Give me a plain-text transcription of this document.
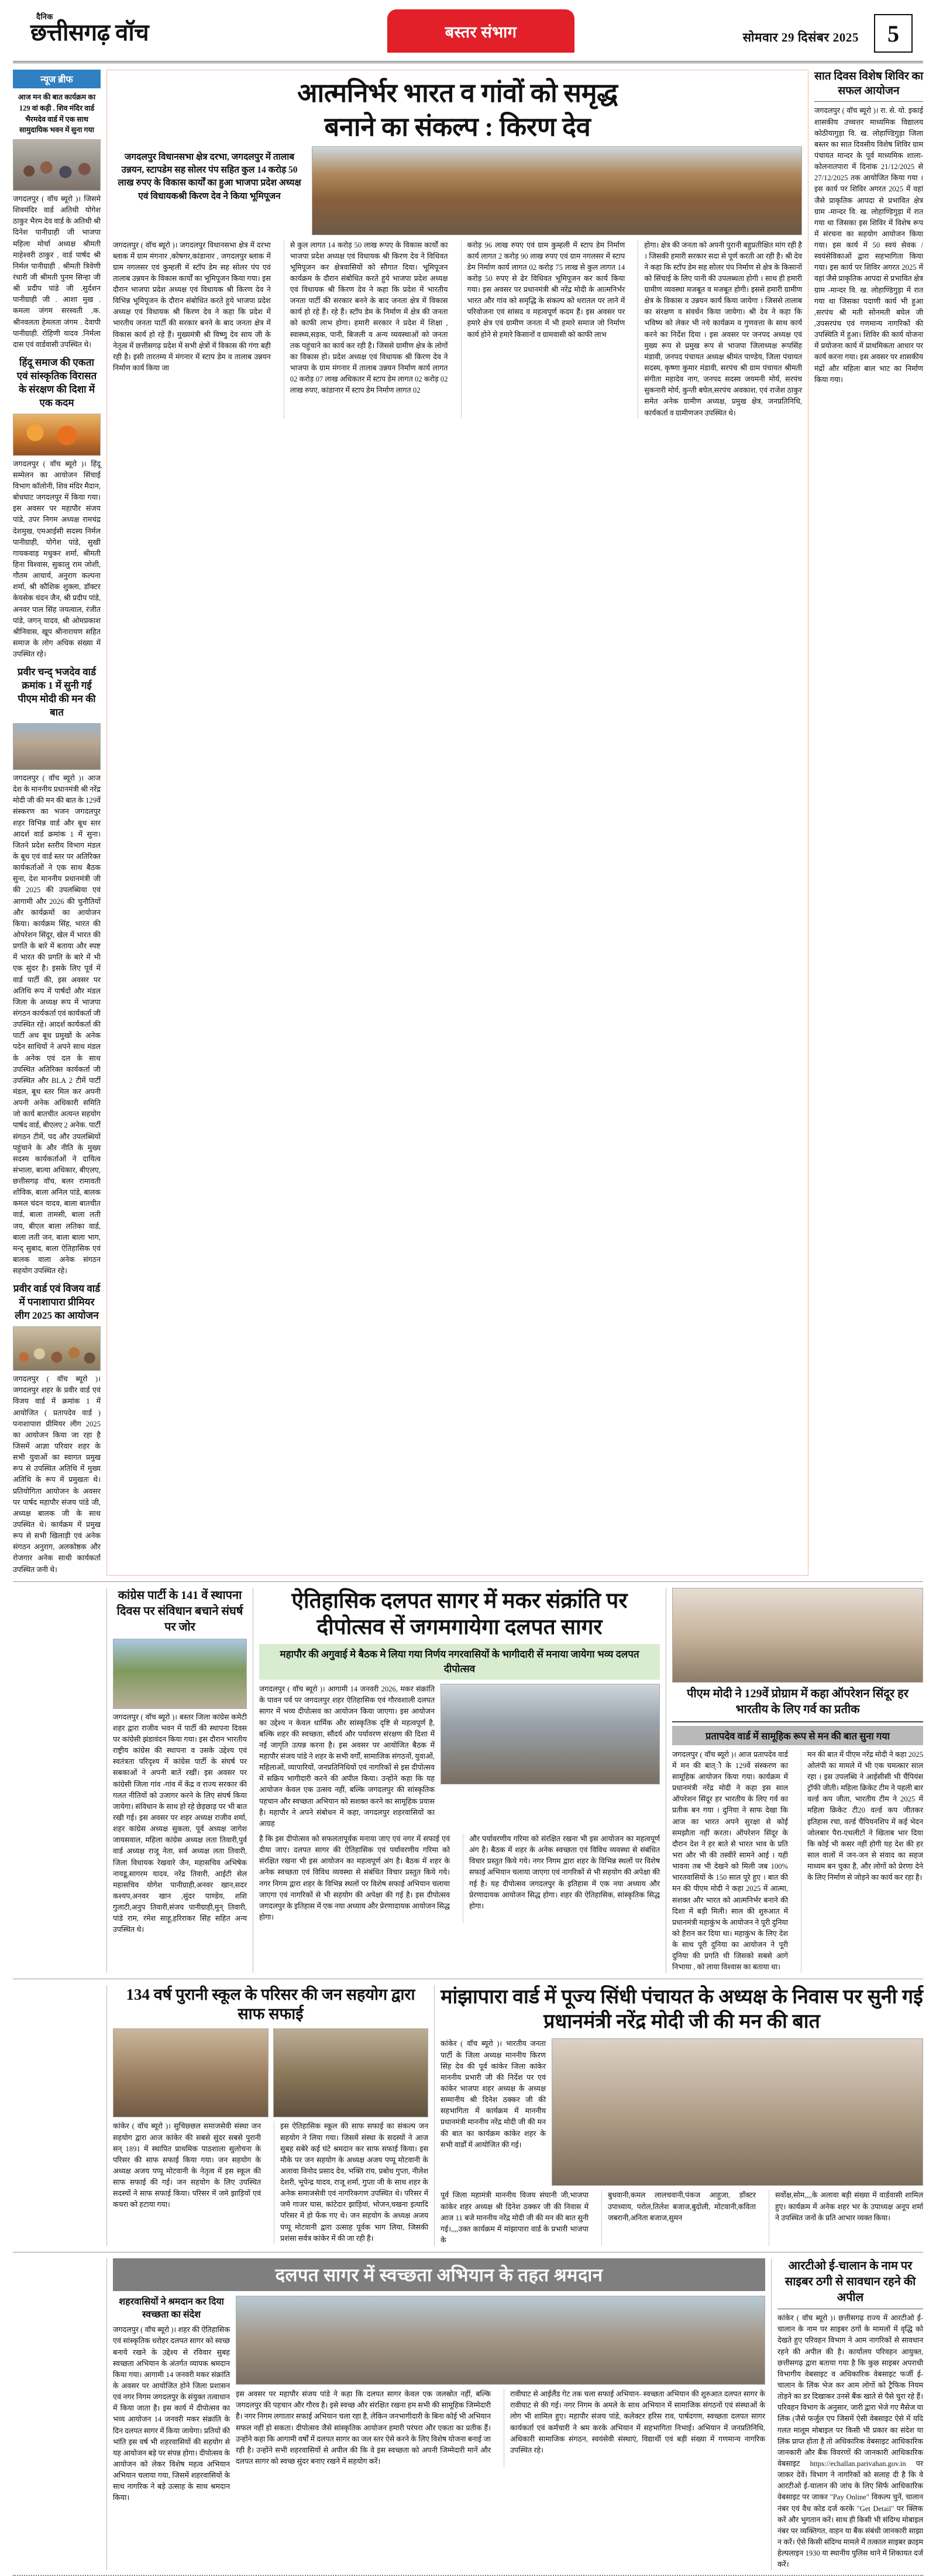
दैनिक
छत्तीसगढ़ वॉच	बस्तर संभाग	सोमवार 29 दिसंबर 2025	5
न्यूज ब्रीफ
आज मन की बात कार्यक्रम का 129 वां कड़ी . शिव मंदिर वार्ड भैरमदेव वार्ड में एक साथ सामुदायिक भवन में सुना गया
जगदलपुर ( वॉच ब्यूरो )। जिसमे शिवमंदिर वार्ड अतिथी योगेश ठाकुर भैरम देव वार्ड के अतिथी श्री दिनेश पानीग्राही जी भाजपा महिला मोर्चा अध्यक्ष श्रीमती माहेश्वरी ठाकुर , वार्ड पार्षद श्री निर्मल पानीग्राही . श्रीमती त्रिवेणी रंधारी जी श्रीमती पुनम सिन्हा जी श्री प्रदीप पांडे जी .सुर्दशन पानीग्राही जी . आशा मुख . कमला जंगम सरस्वती ,क. श्रीनवलता हेमलता जंगम . देवापी पानीग्राही. रोहिणी यादव .निर्मला दास एवं वार्डवासी उपस्थित थे।
हिंदू समाज की एकता एवं सांस्कृतिक विरासत के संरक्षण की दिशा में एक कदम
जगदलपुर ( वॉच ब्यूरो )। हिंदू सम्मेलन का आयोजन सिंचाई विभाग कॉलोनी, शिव मंदिर मैदान, बोधघाट जगदलपुर में किया गया। इस अवसर पर महापौर संजय पांडे, उपर निगम अध्यक्ष रामचंद्र देशमुख, एमआईसी सदस्य निर्मल पानीग्राही, योगेश पांडे, सुखी गायकवाड़ मधुकर शर्मा, श्रीमती हिना विश्वास, सुकालु राम जोशी, गौतम आचार्य, अनुराग कल्पना शर्मा, श्री कौशिक शुक्ला, डॉक्टर केयसेक चंदन जैन, श्री प्रदीप पांडे, अनवर पाल सिंह जयत्वाल, रंजीत पांडे, जगन् यादव, श्री ओमप्रकाश श्रीनिवास, खूप श्रीनारायण सहित समाज के लोग अधिक संख्या में उपस्थित रहे।
प्रवीर चन्द् भजदेव वार्ड क्रमांक 1 में सुनी गई पीएम मोदी की मन की बात
जगदलपुर ( वॉच ब्यूरो )। आज देश के माननीय प्रधानमंत्री श्री नरेंद्र मोदी जी की मन की बात के 129वें संस्करण का भजन जगदलपुर शहर विभिन्न वार्ड और बूथ स्तर आदर्श वार्ड क्रमांक 1 में सुना। जितने प्रदेश स्तरीय विभाग मंडल के बूथ एवं वार्ड स्तर पर अतिरिक्त कार्यकर्ताओं ने एक साथ बैठक सुना, देश माननीय प्रधानमंत्री जी की 2025 की उपलब्धिया एवं आगामी और 2026 की चुनौतियों और कार्यक्रमों का आयोजन किया। कार्यक्रम सिंह, भारत की ओपरेशन सिंदूर, खेल में भारत की प्रगति के बारे में बताया और स्पष्ट में भारत की प्रगति के बारे में भी एक सुंदर है। इसके लिए पूर्व में वार्ड पार्टी की, इस अवसर पर अतिथि रूप में पार्षदों और मंडल जिला के अध्यक्ष रूप में भाजपा संगठन कार्यकर्ता एवं कार्यकर्ता जी उपस्थित रहे। आदर्श कार्यकर्ता की पार्टी अथ बूथ प्रमुखों के अनेक पदेन साथियों ने अपने साथ मंडल के अनेक एवं दल के साथ उपस्थित अतिरिक्त कार्यकर्ता जी उपस्थित और BLA 2 टीमें पार्टी मंडल, बूथ स्तर मिल कर अपनी अपनी अनेक अधिकारी समिति जो कार्य बातचीत अत्यन्त सहयोग पार्षद वार्ड, बीएलए 2 अनेक. पार्टी संगठन टीमें, पद और उपलब्धियों पहुंचाने के और नीति के मुख्य सदस्य कार्यकर्ताओं ने दायित्व संभाला, बात्या अधिकार, बीएलए, छत्तीसगढ़ वॉच, बलर रामावती शोविक, बाला अनिल पांडे, बालक कमल चंदन यादव, बाला बातचीत वार्ड, बाला तामसी, बाला लती जय, बीएल बाला लतिका वार्ड, बाला लती जन, बाला बाला भाग, मन्द् सुबाद, बाला ऐतिहासिक एवं बालक वाला अनेक संगठन सहयोग उपस्थित रहे।
प्रवीर वार्ड एवं विजय वार्ड में पनाशापारा प्रीमियर लीग 2025 का आयोजन
जगदलपुर ( वॉच ब्यूरो )। जगदलपुर शहर के प्रवीर वार्ड एवं विजय वार्ड में क्रमांक 1 में आयोजित ( प्रतापदेव वार्ड ) पनाशापारा प्रीमियर लीग 2025 का आयोजन किया जा रहा है जिसमें आज्ञा परिवार शहर के सभी युवाओं का स्वागत प्रमुख रूप से उपस्थित अतिथि में मुख्य अतिथि के रूप में प्रमुखतः थे। प्रतियोगिता आयोजन के अवसर पर पार्षद महापौर संजय पांडे जी, अध्यक्ष बालक जी के साथ उपस्थित थे। कार्यक्रम में प्रमुख रूप से सभी खिलाड़ी एवं अनेक संगठन अनुराग, अलकोष्ठक और रोजगार अनेक साथी कार्यकर्ता उपस्थित जनी थे।
आत्मनिर्भर भारत व गांवों को समृद्ध
बनाने का संकल्प : किरण देव
जगदलपुर विधानसभा क्षेत्र दरभा, जगदलपुर में तालाब उन्नयन, स्टापडेम सह सोलर पंप सहित कुल 14 करोड़ 50 लाख रुपए के विकास कार्यों का हुआ भाजपा प्रदेश अध्यक्ष एवं विधायकश्री किरण देव ने किया भूमिपूजन
जगदलपुर ( वॉच ब्यूरो )। जगदलपुर विधानसभा क्षेत्र में दरभा ब्लाक में ग्राम मंगनार ,कोषगर,कांडानार , जगदलपुर ब्लाक में ग्राम नगलसर एवं कुम्हली में स्टॉप डेम सह सोलर पंप एवं तालाब उन्नयन के विकास कार्यों का भूमिपूजन किया गया। इस दौरान भाजपा प्रदेश अध्यक्ष एवं विधायक श्री किरण देव ने विभिन्न भूमिपूजन के दौरान संबोधित करते हुये भाजपा प्रदेश अध्यक्ष एवं विधायक श्री किरण देव ने कहा कि प्रदेश में भारतीय जनता पार्टी की सरकार बनने के बाद जनता क्षेत्र में विकास कार्य हो रहे हैं। मुख्यमंत्री श्री विष्णु देव साय जी के नेतृत्व में छत्तीसगढ़ प्रदेश में सभी क्षेत्रों में विकास की गंगा बही रही है। इसी तारतम्य में मंगनार में स्टाप डेम व तालाब उन्नयन निर्माण कार्य किया जा
से कुल लागत 14 करोड़ 50 लाख रूपए के विकास कार्यों का भाजपा प्रदेश अध्यक्ष एवं विधायक श्री किरण देव ने विधिवत भूमिपूजन कर क्षेत्रवासियों को सौगात दिया। भूमिपूजन कार्यक्रम के दौरान संबोधित करते हुये भाजपा प्रदेश अध्यक्ष एवं विधायक श्री किरण देव ने कहा कि प्रदेश में भारतीय जनता पार्टी की सरकार बनने के बाद जनता क्षेत्र में विकास कार्य हो रहे हैं। रहे हैं। स्टॉप डेम के निर्माण में क्षेत्र की जनता को काफी लाभ होगा। हमारी सरकार ने प्रदेश में शिक्षा , स्वास्थ्य,सड़क, पानी, बिजली व अन्य व्यवस्थाओं को जनता तक पहुंचाने का कार्य कर रही है। जिससे ग्रामीण क्षेत्र के लोगों का विकास हो। प्रदेश अध्यक्ष एवं विधायक श्री किरण देव ने भाजपा के ग्राम मंगनार में तालाब उन्नयन निर्माण कार्य लागत 02 करोड़ 07 लाख अधिकतर में स्टाप डेम लागत 02 करोड़ 02 लाख रुपए, कांडानार में स्टाप डेम निर्माण लागत 02
करोड़ 96 लाख रुपए एवं ग्राम कुम्हली में स्टाप डेम निर्माण कार्य लागत 2 करोड़ 90 लाख रुपए एवं ग्राम नगलसर में स्टाप डेम निर्माण कार्य लागत 02 करोड़ 75 लाख से कुल लागत 14 करोड़ 50 रुपए से ढेर विधिवत भूमिपूजन कर कार्य किया गया। इस अवसर पर प्रधानमंत्री श्री नरेंद्र मोदी के आत्मनिर्भर भारत और गांव को समृद्धि के संकल्प को धरातल पर लाने में परिवोजना एवं सांसद व महत्वपूर्ण कदम हैं। इस अवसर पर हमारे क्षेत्र एवं ग्रामीण जनता में भी हमारे समाज जो निर्माण कार्य होने से हमारे किसानों व ग्रामवासी को काफी लाभ
होगा। क्षेत्र की जनता को अपनी पुरानी बहुप्रतीक्षित मांग रही है । जिसकी हमारी सरकार सदा से पूर्ण करती आ रही है। श्री देव ने कहा कि स्टॉप डेम सह सोलर पंप निर्माण से क्षेत्र के किसानों को सिंचाई के लिए पानी की उपलब्धता होगी । साथ ही हमारी ग्रामीण व्यवस्था मजबूत व मजबूत होगी। इससे हमारी ग्रामीण क्षेत्र के विकास व उन्नयन कार्य किया जायेगा । जिससे तालाब का संरक्षण व संवर्धन किया जायेगा। श्री देव ने कहा कि भविष्य को लेकर भी नये कार्यक्रम व गुणवत्ता के साथ कार्य करने का निर्देश दिया । इस अवसर पर जनपद अध्यक्ष एवं मुख्य रूप से प्रमुख रूप से भाजपा जिलाध्यक्ष रूपसिंह मंडावी, जनपद पंचायत अध्यक्ष श्रीमंत पाण्डेय, जिला पंचायत सदस्य, कृष्णा कुमार मंडावी, सरपंच श्री ग्राम पंचायत श्रीमती संगीता महादेव नाग, जनपद सदस्य जयमनी मोर्य, सरपंच सुकनारी मोर्य, कुन्ती बघेल,सरपंच अवकाश, एवं राजेश ठाकुर समेत अनेक ग्रामीण अध्यक्ष, प्रमुख क्षेत्र, जनप्रतिनिधि, कार्यकर्ता व ग्रामीणजन उपस्थित थे।
सात दिवस विशेष शिविर का सफल आयोजन
जगदलपुर ( वॉच ब्यूरो )। रा. से. यो. इकाई शासकीय उच्चत्तर माध्यमिक विद्यालय कोठीयागुड़ा वि. ख. लोहाण्डिगुड़ा जिला बस्तर का सात दिवसीय विशेष शिविर ग्राम पंचायत मान्दर के पूर्व माध्यमिक शाला-कोलनातपारा में दिनांक 21/12/2025 से 27/12/2025 तक आयोजित किया गया । इस कार्य पर शिविर अगरत 2025 में वहां जैसे प्राकृतिक आपदा से प्रभावित क्षेत्र ग्राम -मान्दर वि. ख. लोहाण्डिगुड़ा में रात गया था जिसका इस शिविर में विशेष रूप में संरचना का सहयोग आयोजन किया गया। इस कार्य में 50 स्वयं सेवक /स्वयंसेविकाओं द्वारा सहभागिता किया गया। इस कार्य पर शिविर अगरत 2025 में वहां जैसे प्राकृतिक आपदा से प्रभावित क्षेत्र ग्राम -मान्दर वि. ख. लोहाण्डिगुड़ा में रात गया था जिसका पदाणी कार्य भी हुआ ,सरपंच श्री मती सोनमती बघेल जी ,उपसरपंच एवं गणमान्य नागरिकों की उपस्थिति में हुआ। शिविर की कार्य योजना में प्रयोजना कार्य में प्राथमिकता आधार पर कार्य करना गया। इस अवसर पर शासकीय मंद्रों और महिला बाल भाट का निर्माण किया गया।
कांग्रेस पार्टी के 141 वें स्थापना दिवस पर संविधान बचाने संघर्ष पर जोर
जगदलपुर ( वॉच ब्यूरो )। बस्तर जिला कांग्रेस कमेटी शहर द्वारा राजीव भवन में पार्टी की स्थापना दिवस पर कांग्रेसी झंडावंदन किया गया। इस दौरान भारतीय राष्ट्रीय कांग्रेस की स्थापना व उसके उद्देश्य एवं स्वतंत्रता परिदृश्य में कांग्रेस पार्टी के संघर्ष पर सबकाओं ने अपनी बातें रखीं। इस अवसर पर कांग्रेसी जिला गांव -गांव में केंद्र व राज्य सरकार की गलत नीतियों को उजागर करने के लिए संघर्ष किया जायेगा। संविधान के साथ हो रहे छेड़छाड़ पर भी बात रखी गई। इस अवसर पर शहर अध्यक्ष राजीव शर्मा, शहर कांग्रेस अध्यक्ष सुकला, पूर्व अध्यक्ष जागेश जायसवाल, महिला कांग्रेस अध्यक्ष लता तिवारी,पुर्व वार्ड अध्यक्ष राजू नेता, सर्व अध्यक्ष लता तिवारी, जिला विधायक रेखवारे जैन, महासचिव अभिषेक नायडू,सागरम यादव, नरेंद्र तिवारी, आईटी सेल महासचिव योगेश पानीग्राही,अनवर खान,सदर कश्यप,अनवर खान ,सुंदर पाण्डेय, शशि गुलाटी,अनुप तिवारी,संजय पानीग्राही,मुन् तिवारी, पांडे राम, रमेश साहू,हरिराकर सिंह सहित अन्य उपस्थित थे।
ऐतिहासिक दलपत सागर में मकर संक्रांति पर दीपोत्सव सें जगमगायेगा दलपत सागर
महापौर की अगुवाई मे बैठक मे लिया गया निर्णय नगरवासियों के भागीदारी सें मनाया जायेगा भव्य दलपत दीपोत्सव
जगदलपुर ( वॉच ब्यूरो )। आगामी 14 जनवरी 2026, मकर संक्रांति के पावन पर्व पर जगदलपुर शहर ऐतिहासिक एवं गौरवशाली दलपत सागर में भव्य दीपोत्सव का आयोजन किया जाएगा। इस आयोजन का उद्देश्य न केवल धार्मिक और सांस्कृतिक दृष्टि से महत्वपूर्ण है, बल्कि शहर की स्वच्छता, सौंदर्य और पर्यावरण संरक्षण की दिशा में नई जागृति उत्पन्न करना है। इस अवसर पर आयोजित बैठक में महापौर संजय पांडे ने शहर के सभी वर्गों, सामाजिक संगठनों, युवाओं, महिलाओं, व्यापारियों, जनप्रतिनिधियों एवं नागरिकों से इस दीपोत्सव में सक्रिय भागीदारी करने की अपील किया। उन्होंने कहा कि यह आयोजन केवल एक उत्सव नहीं, बल्कि जगदलपुर की सांस्कृतिक पहचान और स्वच्छता अभियान को सशक्त करने का सामूहिक प्रयास है। महापौर ने अपने संबोधन में कहा, जगदलपुर शहरवासियों का आग्रह
है कि इस दीपोत्सव को सफलतापूर्वक मनाया जाए एवं नगर में सफाई एवं दीया जाए। दलपत सागर की ऐतिहासिक एवं पर्यावरणीय गरिमा को संरक्षित रखना भी इस आयोजन का महत्वपूर्ण अंग है। बैठक में शहर के अनेक स्वच्छता एवं विविध व्यवस्था से संबंधित विचार प्रस्तुत किये गये। नगर निगम द्वारा शहर के विभिन्न स्थलों पर विशेष सफाई अभियान चलाया जाएगा एवं नागरिकों से भी सहयोग की अपेक्षा की गई है। इस दीपोत्सव जगदलपुर के इतिहास में एक नया अध्याय और प्रेरणादायक आयोजन सिद्ध होगा।
और पर्यावरणीय गरिमा को संरक्षित रखना भी इस आयोजन का महत्वपूर्ण अंग है। बैठक में शहर के अनेक स्वच्छता एवं विविध व्यवस्था से संबंधित विचार प्रस्तुत किये गये। नगर निगम द्वारा शहर के विभिन्न स्थलों पर विशेष सफाई अभियान चलाया जाएगा एवं नागरिकों से भी सहयोग की अपेक्षा की गई है। यह दीपोत्सव जगदलपुर के इतिहास में एक नया अध्याय और प्रेरणादायक आयोजन सिद्ध होगा। शहर की ऐतिहासिक, सांस्कृतिक सिद्ध होगा।
पीएम मोदी ने 129वें प्रोग्राम में कहा ऑपरेशन सिंदूर हर भारतीय के लिए गर्व का प्रतीक
प्रतापदेव वार्ड में सामूहिक रूप से मन की बात सुना गया
जगदलपुर ( वॉच ब्यूरो )। आज प्रतापदेव वार्ड में मन की बात्ाै के 129वें संस्करण का सामूहिक आयोजन किया गया। कार्यक्रम में प्रधानमंत्री नरेंद्र मोदी ने कहा इस साल ऑपरेशन सिंदूर हर भारतीय के लिए गर्व का प्रतीक बन गया । दुनिया ने साफ देखा कि आज का भारत अपने सुरक्षा से कोई समझौता नहीं करता। ऑपरेशन सिंदूर के दौरान देश ने हर बाते से भारत भाव के प्रति भरा और भी की तस्वीरें सामने आई । यही भावना तब भी देखने को मिली जब 100% भारतवासियों के 150 साल पूरे हुए । बात की मन की पीएम मोदी ने कहा 2025 में आत्मा, सशक्त और भारत को आत्मनिर्भर बनाने की दिशा में बड़ी मिली। साल की शुरुआत में प्रधानमंत्री महाकुंभ के आयोजन ने पूरी दुनिया को हैरान कर दिया था। महाकुंभ के लिए देश के साथ पूरी दुनिया का आयोजन ने पूरी दुनिया की प्रगति थी जिसको सबसे आगे निभाया , को लाया विश्वास का बताया था।
मन की बात में पीएम नरेंद्र मोदी ने कहा 2025 ओलंपी का मामले में भी एक चमत्कार साल रहा । इस उपलब्धि ने आईसीसी भी चैंपियंस ट्रॉफी जीती। महिला क्रिकेट टीम ने पहली बार वर्ल्ड कप जीता, भारतीय टीम ने 2025 में महिला क्रिकेट टी20 वर्ल्ड कप जीतकर इतिहास रचा, वर्ल्ड चैंपियनशिप में कई भेदन जोलबार पैरा-एथलीटों ने खिताब भार दिया कि कोई भी कसर नहीं होगी यह देश की हर साल वालों में जन-जन से संवाद का सहज माध्यम बन चुका है, और लोगों को प्रेरणा देने के लिए निर्माण से जोड़ने का कार्य कर रहा है।
134 वर्ष पुरानी स्कूल के परिसर की जन सहयोग द्वारा साफ सफाई
कांकेर ( वॉच ब्यूरो )। सुचिछ्छल समाजसेवी संस्था जन सहयोग द्वारा आज कांकेर की सबसे सुंदर सबसे पुरानी सन् 1891 में स्थापित प्राथमिक पाठशाला सुलोचना के परिसर की साफ सफाई किया गया। जन सहयोग के अध्यक्ष अजय पप्पू मोटवानी के नेतृत्व में इस स्कूल की साफ सफाई की गई। जन सहयोग के लिए उपस्थित सदस्यों ने साफ सफाई किया। परिसर में जमे झाड़ियों एवं कचरा को हटाया गया।
इस ऐतिहासिक स्कूल की साफ सफाई का संकल्प जन सहयोग ने लिया गया। जिसमें संस्था के सदस्यों ने आज सुबह सबेरे कई घंटे श्रमदान कर साफ सफाई किया। इस मौके पर जन सहयोग के अध्यक्ष अजय पप्पू मोटवानी के अलावा विनोद प्रसाद देव, भक्ति राय, प्रबोध गुप्ता, नीलेश देशरी, भूपेन्द्र यादव, राजू शर्मा, गुप्ता जी के साथ शहर के अनेक समाजसेवी एवं नागरिकगण उपस्थित थे। परिसर में जमे गाजर घास, कांटेदार झाड़ियां, भोजन,चखना इत्यादि परिसर में हो फेंक गए थे। जन सहयोग के अध्यक्ष अजय पप्पू मोटवानी द्वारा उत्साह पूर्वक भाग लिया, जिसकी प्रशंसा सर्वत्र कांकेर में की जा रही है।
मांझापारा वार्ड में पूज्य सिंधी पंचायत के अध्यक्ष के निवास पर सुनी गई प्रधानमंत्री नरेंद्र मोदी जी की मन की बात
कांकेर ( वॉच ब्यूरो )। भारतीय जनता पार्टी के जिला अध्यक्ष माननीय किरण सिंह देव की पूर्व कांकेर जिला कांकेर माननीय प्रभारी जी की निर्देश पर एवं कांकेर भाजपा शहर अध्यक्ष के अध्यक्ष सम्मानीय श्री दिनेश ठक्कर जी की सहभागिता में कार्यक्रम में माननीय प्रधानमंत्री माननीय नरेंद्र मोदी जी की मन की बात का कार्यक्रम कांकेर शहर के सभी वार्डों में आयोजित की गई।
पूर्व जिला महामंत्री माननीय विजय संघानी जी,भाजपा कांकेर शहर अध्यक्ष श्री दिनेश ठक्कर जी की निवास में आज 11 बजे माननीय नरेंद्र मोदी जी की मन की बात सुनी गई।,,,,उक्त कार्यक्रम में मांझापारा वार्ड के प्रभारी भाजपा के
बुधवानी,कमल लालचवानी,पंकज आहुजा, डाँक्टर उपाध्याय, परोल,तिलेश बजाज,बुदोली, मोटवानी,कविता जबरानी,अनिता बजाज,सुमन
सर्वोक्ष,सोम,,,,के अलावा बड़ी संख्या में वार्डवासी शामिल हुए। कार्यक्रम में अनेक शहर भर के उपाध्यक्ष अनूप शर्मा ने उपस्थित जनों के प्रति आभार व्यक्त किया।
दलपत सागर में स्वच्छता अभियान के तहत श्रमदान
शहरवासियों ने श्रमदान कर दिया स्वच्छता का संदेश
जगदलपुर ( वॉच ब्यूरो )। शहर की ऐतिहासिक एवं सांस्कृतिक धरोहर दलपत सागर को स्वच्छ बनाये रखने के उद्देश्य से रविवार सुबह स्वच्छता अभियान के अंतर्गत व्यापक श्रमदान किया गया। आगामी 14 जनवरी मकर संक्रांति के अवसर पर आयोजित होने जिला प्रशासन एवं नगर निगम जगदलपुर के संयुक्त तत्वाधान में किया जाता है। इस कार्य में दीपोत्सव का भव्य आयोजन 14 जनवरी मकर संक्रांति के दिन दलपत सागर में किया जायेगा। प्रतियों की भांति इस वर्ष भी शहरवासियों की सहयोग से यह आयोजन बड़े पर संपन्न होगा। दीपोत्सव के आयोजन को लेकर विशेष महत्व अभियान अभियान चलाया गया, जिसमें शहरवासियों के साथ नागरिक ने बड़े उत्साह के साथ श्रमदान किया।
इस अवसर पर महापौर संजय पांडे ने कहा कि दलपत सागर केवल एक जलस्रोत नहीं, बल्कि जगदलपुर की पहचान और गौरव है। इसे स्वच्छ और संरक्षित रखना हम सभी की सामूहिक जिम्मेदारी है। नगर निगम लगातार सफाई अभियान चला रहा है, लेकिन जनभागीदारी के बिना कोई भी अभियान सफल नहीं हो सकता। दीपोत्सव जैसे सांस्कृतिक आयोजन हमारी परंपरा और एकता का प्रतीक हैं। उन्होंने कहा कि आगामी वर्षों में दलपत सागर का जल स्तर ऐसे करने के लिए विशेष योजना बनाई जा रही है। उन्होंने सभी शहरवासियों से अपील की कि वे इस स्वच्छता को अपनी जिम्मेदारी मानें और दलपत सागर को स्वच्छ सुंदर बनाए रखने में सहयोग करें।
रावीघाट से आईलैंड गेट तक चला सफाई अभियान- स्वच्छता अभियान की शुरुआत दलपत सागर के रावीघाट से की गई। नगर निगम के अमले के साथ अभियान में सामाजिक संगठनों एवं संस्थाओं के लोग भी शामिल हुए। महापौर संजय पांडे, कलेक्टर हरिस राव, पार्षदगण, स्वच्छता दलपत सागर कार्यकर्ता एवं कर्मचारी ने श्रम करके अभियान में सहभागिता निभाई। अभियान में जनप्रतिनिधि, अधिकारी सामाजिक संगठन, स्वयंसेवी संस्थाएं, विद्यार्थी एवं बड़ी संख्या में गणमान्य नागरिक उपस्थित रहे।
आरटीओ ई-चालान के नाम पर साइबर ठगी से सावधान रहने की अपील
कांकेर ( वॉच ब्यूरो )। छत्तीसगढ़ राज्य में आरटीओ ई-चालान के नाम पर साइबर ठगों के मामलों में वृद्धि को देखते हुए परिवहन विभाग ने आम नागरिकों से सावधान रहने की अपील की है। कार्यालय परिवहन आयुक्त, छत्तीसगढ़ द्वारा बताया गया है कि कुछ साइबर अपराधी विभागीय वेबसाइट व अधिकारिक वेबसाइट फर्जी ई-चालान के लिंक भेज कर आम लोगों को ट्रैफिक नियम तोड़ने का डर दिखाकर उनसे बैंक खाते से पैसे चुरा रहे हैं। परिवहन विभाग के अनुसार, जारी द्वारा भेजे गए मैसेज या लिंक (जैसे फर्जुल एप जिसमें ऐसी वेबसाइट ऐसे में यदि गलत मालूम मोबाइल पर किसी भी प्रकार का संदेश या लिंक प्राप्त होता है तो अधिकारिक वेबसाइट आधिकारिक जानकारी और बैंक विवरणों की जानकारी आधिकारिक वेबसाइट https://echallan.parivahan.gov.in पर जाकर देवें। विभाग ने नागरिकों को सलाह दी है कि वे आरटीओ ई-चालान की जांच के लिए सिर्फ आधिकारिक वेबसाइट पर जाकर "Pay Online" विकल्प चुनें, चालान नंबर एवं वैध कोड दर्ज करके "Get Detail" पर क्लिक करें और भुगतान करें। साथ ही किसी भी संदिग्ध मोबाइल नंबर पर व्यक्तिगत, वाहन या बैंक संबंधी जानकारी साझा न करें। ऐसे किसी संदिग्ध मामले में तत्काल साइबर क्राइम हेल्पलाइन 1930 या स्थानीय पुलिस थाने में शिकायत दर्ज करें।
